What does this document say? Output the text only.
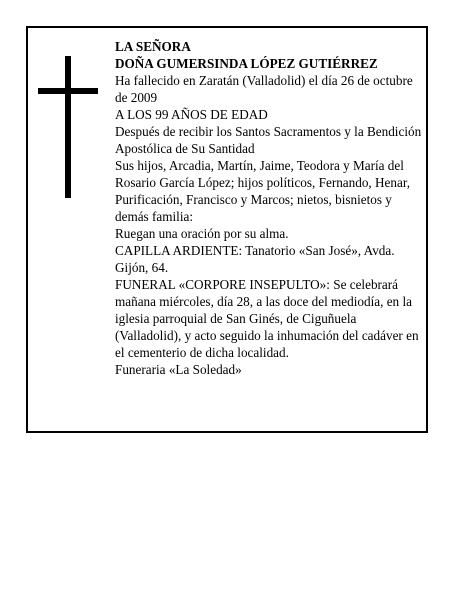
LA SEÑORA

DOÑA GUMERSINDA LÓPEZ GUTIÉRREZ

Ha fallecido en Zaratán (Valladolid) el día 26 de octubre de 2009

A LOS 99 AÑOS DE EDAD

Después de recibir los Santos Sacramentos y la Bendición Apostólica de Su Santidad

Sus hijos, Arcadia, Martín, Jaime, Teodora y María del Rosario García López; hijos políticos, Fernando, Henar, Purificación, Francisco y Marcos; nietos, bisnietos y demás familia:

Ruegan una oración por su alma.

CAPILLA ARDIENTE: Tanatorio «San José», Avda. Gijón, 64.

FUNERAL «CORPORE INSEPULTO»: Se celebrará mañana miércoles, día 28, a las doce del mediodía, en la iglesia parroquial de San Ginés, de Ciguñuela (Valladolid), y acto seguido la inhumación del cadáver en el cementerio de dicha localidad.

Funeraria «La Soledad»
